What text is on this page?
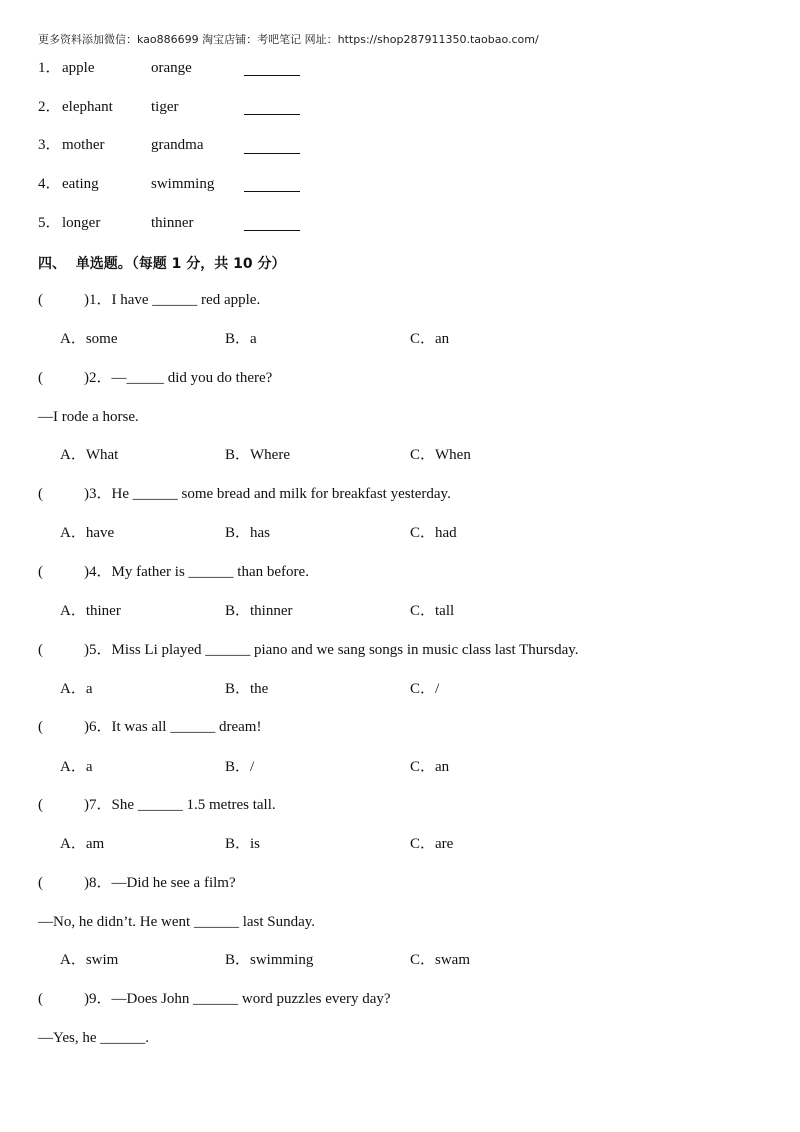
更多资料添加微信：kao886699 淘宝店铺：考吧笔记 网址：https://shop287911350.taobao.com/
1． apple	orange
2． elephant	tiger
3． mother	grandma
4． eating	swimming
5． longer	thinner
四、  单选题。（每题 1 分，共 10 分）
(	)1．I have ______ red apple.
A．some	B．a	C．an
(	)2．—_____ did you do there?
—I rode a horse.
A．What	B．Where	C．When
(	)3．He ______ some bread and milk for breakfast yesterday.
A．have	B．has	C．had
(	)4．My father is ______ than before.
A．thiner	B．thinner	C．tall
(	)5．Miss Li played ______ piano and we sang songs in music class last Thursday.
A．a	B．the	C．/
(	)6．It was all ______ dream!
A．a	B．/	C．an
(	)7．She ______ 1.5 metres tall.
A．am	B．is	C．are
(	)8．—Did he see a film?
—No, he didn’t. He went ______ last Sunday.
A．swim	B．swimming	C．swam
(	)9．—Does John ______ word puzzles every day?
—Yes, he ______.
